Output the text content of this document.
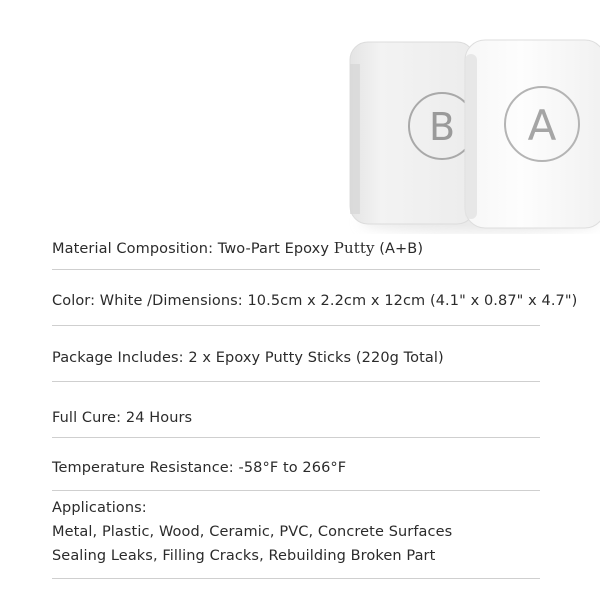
B A
Material Composition: Two-Part Epoxy Putty (A+B)
Color: White /Dimensions: 10.5cm x 2.2cm x 12cm (4.1" x 0.87" x 4.7")
Package Includes: 2 x Epoxy Putty Sticks (220g Total)
Full Cure: 24 Hours
Temperature Resistance: -58°F to 266°F
Applications:
Metal, Plastic, Wood, Ceramic, PVC, Concrete Surfaces
Sealing Leaks, Filling Cracks, Rebuilding Broken Part
